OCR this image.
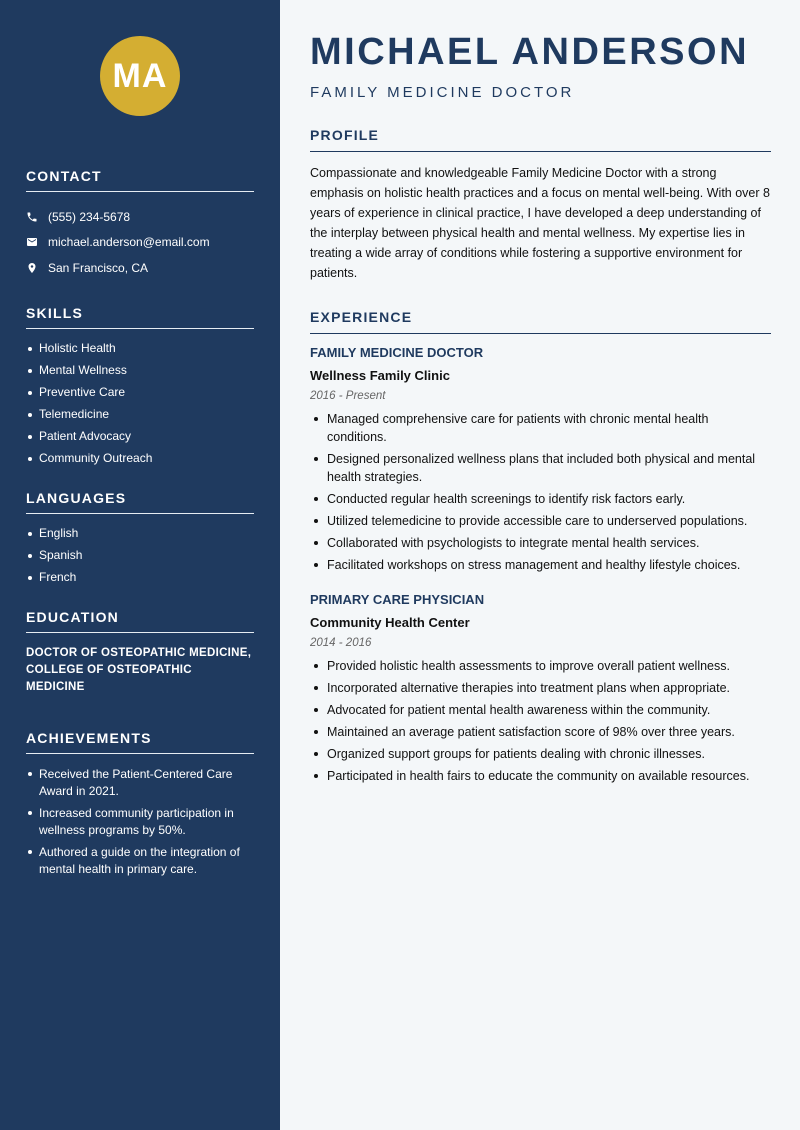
MA
CONTACT
(555) 234-5678
michael.anderson@email.com
San Francisco, CA
SKILLS
Holistic Health
Mental Wellness
Preventive Care
Telemedicine
Patient Advocacy
Community Outreach
LANGUAGES
English
Spanish
French
EDUCATION
DOCTOR OF OSTEOPATHIC MEDICINE,
COLLEGE OF OSTEOPATHIC MEDICINE
ACHIEVEMENTS
Received the Patient-Centered Care Award in 2021.
Increased community participation in wellness programs by 50%.
Authored a guide on the integration of mental health in primary care.
MICHAEL ANDERSON
FAMILY MEDICINE DOCTOR
PROFILE

Compassionate and knowledgeable Family Medicine Doctor with a strong emphasis on holistic health practices and a focus on mental well-being. With over 8 years of experience in clinical practice, I have developed a deep understanding of the interplay between physical health and mental wellness. My expertise lies in treating a wide array of conditions while fostering a supportive environment for patients.

EXPERIENCE
FAMILY MEDICINE DOCTOR
Wellness Family Clinic
2016 - Present
Managed comprehensive care for patients with chronic mental health conditions.
Designed personalized wellness plans that included both physical and mental health strategies.
Conducted regular health screenings to identify risk factors early.
Utilized telemedicine to provide accessible care to underserved populations.
Collaborated with psychologists to integrate mental health services.
Facilitated workshops on stress management and healthy lifestyle choices.
PRIMARY CARE PHYSICIAN
Community Health Center
2014 - 2016
Provided holistic health assessments to improve overall patient wellness.
Incorporated alternative therapies into treatment plans when appropriate.
Advocated for patient mental health awareness within the community.
Maintained an average patient satisfaction score of 98% over three years.
Organized support groups for patients dealing with chronic illnesses.
Participated in health fairs to educate the community on available resources.
